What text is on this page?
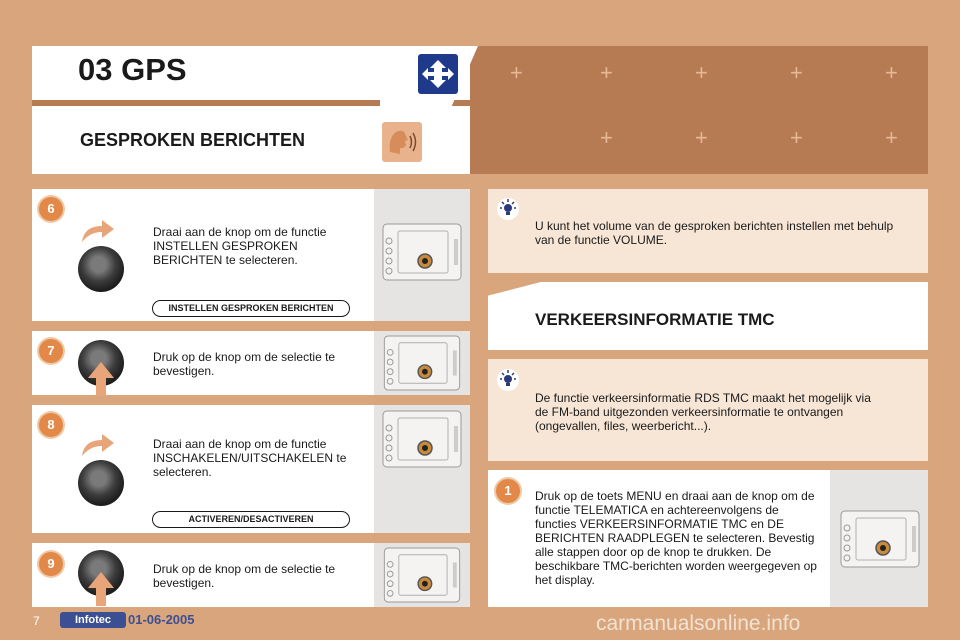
+	+	+	+	+
+	+	+	+
03 GPS
GESPROKEN BERICHTEN
6
Draai aan de knop om de functie INSTELLEN GESPROKEN BERICHTEN te selecteren.
INSTELLEN GESPROKEN BERICHTEN
7	Druk op de knop om de selectie te bevestigen.
8
Draai aan de knop om de functie INSCHAKELEN/UITSCHAKELEN te selecteren.
ACTIVEREN/DESACTIVEREN
9	Druk op de knop om de selectie te bevestigen.
U kunt het volume van de gesproken berichten instellen met behulp van de functie VOLUME.
VERKEERSINFORMATIE TMC
De functie verkeersinformatie RDS TMC maakt het mogelijk via de FM-band uitgezonden verkeersinformatie te ontvangen (ongevallen, files, weerbericht...).
1	Druk op de toets MENU en draai aan de knop om de functie TELEMATICA en achtereenvolgens de functies VERKEERSINFORMATIE TMC en DE BERICHTEN RAADPLEGEN te selecteren. Bevestig alle stappen door op de knop te drukken. De beschikbare TMC-berichten worden weergegeven op het display.
7	Infotec	01-06-2005	carmanualsonline.info
